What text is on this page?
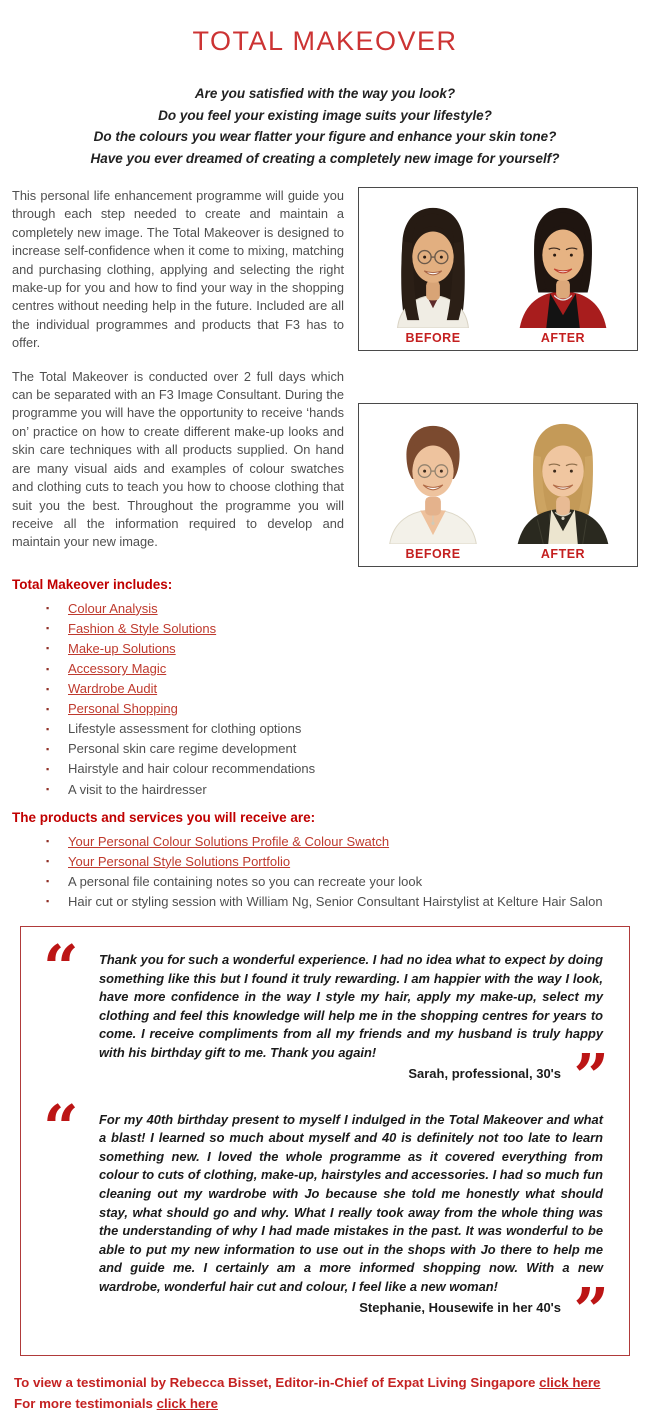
TOTAL MAKEOVER
Are you satisfied with the way you look?
Do you feel your existing image suits your lifestyle?
Do the colours you wear flatter your figure and enhance your skin tone?
Have you ever dreamed of creating a completely new image for yourself?

This personal life enhancement programme will guide you through each step needed to create and maintain a completely new image. The Total Makeover is designed to increase self-confidence when it come to mixing, matching and purchasing clothing, applying and selecting the right make-up for you and how to find your way in the shopping centres without needing help in the future. Included are all the individual programmes and products that F3 has to offer.

The Total Makeover is conducted over 2 full days which can be separated with an F3 Image Consultant. During the programme you will have the opportunity to receive ‘hands on’ practice on how to create different make-up looks and skin care techniques with all products supplied. On hand are many visual aids and examples of colour swatches and clothing cuts to teach you how to choose clothing that suit you the best. Throughout the programme you will receive all the information required to develop and maintain your new image.

BEFORE	AFTER
BEFORE	AFTER
Total Makeover includes:
▪ Colour Analysis
▪ Fashion & Style Solutions
▪ Make-up Solutions
▪ Accessory Magic
▪ Wardrobe Audit
▪ Personal Shopping
▪ Lifestyle assessment for clothing options
▪ Personal skin care regime development
▪ Hairstyle and hair colour recommendations
▪ A visit to the hairdresser
The products and services you will receive are:
▪ Your Personal Colour Solutions Profile & Colour Swatch
▪ Your Personal Style Solutions Portfolio
▪ A personal file containing notes so you can recreate your look
▪ Hair cut or styling session with William Ng, Senior Consultant Hairstylist at Kelture Hair Salon
“	Thank you for such a wonderful experience. I had no idea what to expect by doing something like this but I found it truly rewarding. I am happier with the way I look, have more confidence in the way I style my hair, apply my make-up, select my clothing and feel this knowledge will help me in the shopping centres for years to come. I receive compliments from all my friends and my husband is truly happy with his birthday gift to me. Thank you again!
Sarah, professional, 30's ”
“	For my 40th birthday present to myself I indulged in the Total Makeover and what a blast! I learned so much about myself and 40 is definitely not too late to learn something new. I loved the whole programme as it covered everything from colour to cuts of clothing, make-up, hairstyles and accessories. I had so much fun cleaning out my wardrobe with Jo because she told me honestly what should stay, what should go and why. What I really took away from the whole thing was the understanding of why I had made mistakes in the past. It was wonderful to be able to put my new information to use out in the shops with Jo there to help me and guide me. I certainly am a more informed shopping now. With a new wardrobe, wonderful hair cut and colour, I feel like a new woman!
Stephanie, Housewife in her 40's ”
To view a testimonial by Rebecca Bisset, Editor-in-Chief of Expat Living Singapore click here
For more testimonials click here
